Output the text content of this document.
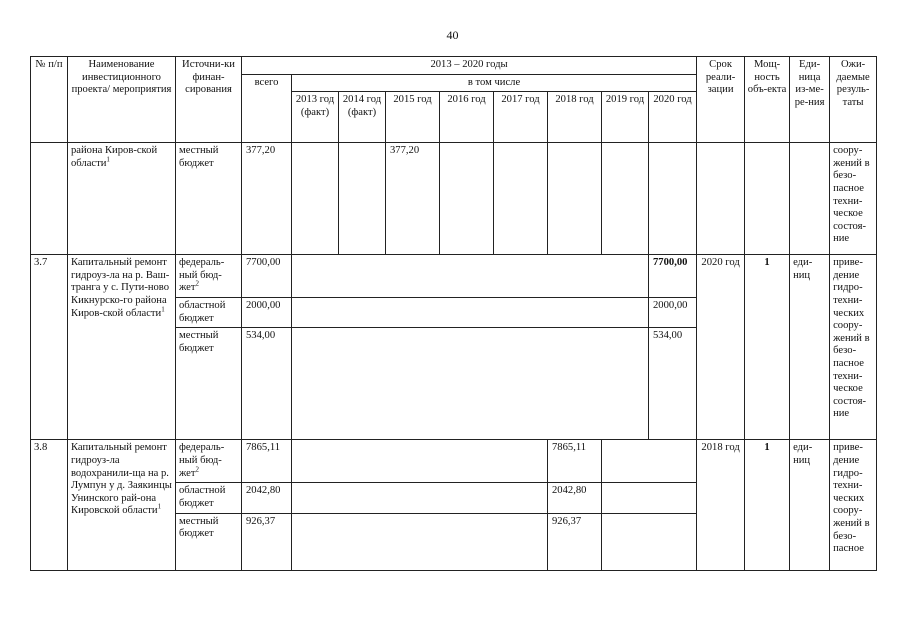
40
№ п/п	Наименование инвестиционного проекта/ мероприятия	Источни-ки финан-сирования	2013 – 2020 годы									Срок реали-зации	Мощ-ность объ-екта	Еди-ница из-ме-ре-ния	Ожи-даемые резуль-таты
			всего	в том числе											
				2013 год (факт)	2014 год (факт)	2015 год	2016 год	2017 год	2018 год	2019 год	2020 год				
	района Киров-ской области$^1$	местный бюджет	377,20			377,20									соору-жений в безо-пасное техни-ческое состоя-ние
3.7	Капитальный ремонт гидроуз-ла на р. Ваш-транга у с. Пути-ново Кикнурско-го района Киров-ской области$^1$	федераль-ный бюд-жет$^2$	7700,00								7700,00	2020 год	1	еди-ниц	приве-дение гидро-техни-ческих соору-жений в безо-пасное техни-ческое состоя-ние
		областной бюджет	2000,00								2000,00				
		местный бюджет	534,00								534,00				
3.8	Капитальный ремонт гидроуз-ла водохранили-ща на р. Лумпун у д. Заякинцы Унинского рай-она Кировской области$^1$	федераль-ный бюд-жет$^2$	7865,11						7865,11			2018 год	1	еди-ниц	приве-дение гидро-техни-ческих соору-жений в безо-пасное
		областной бюджет	2042,80						2042,80						
		местный бюджет	926,37						926,37						
